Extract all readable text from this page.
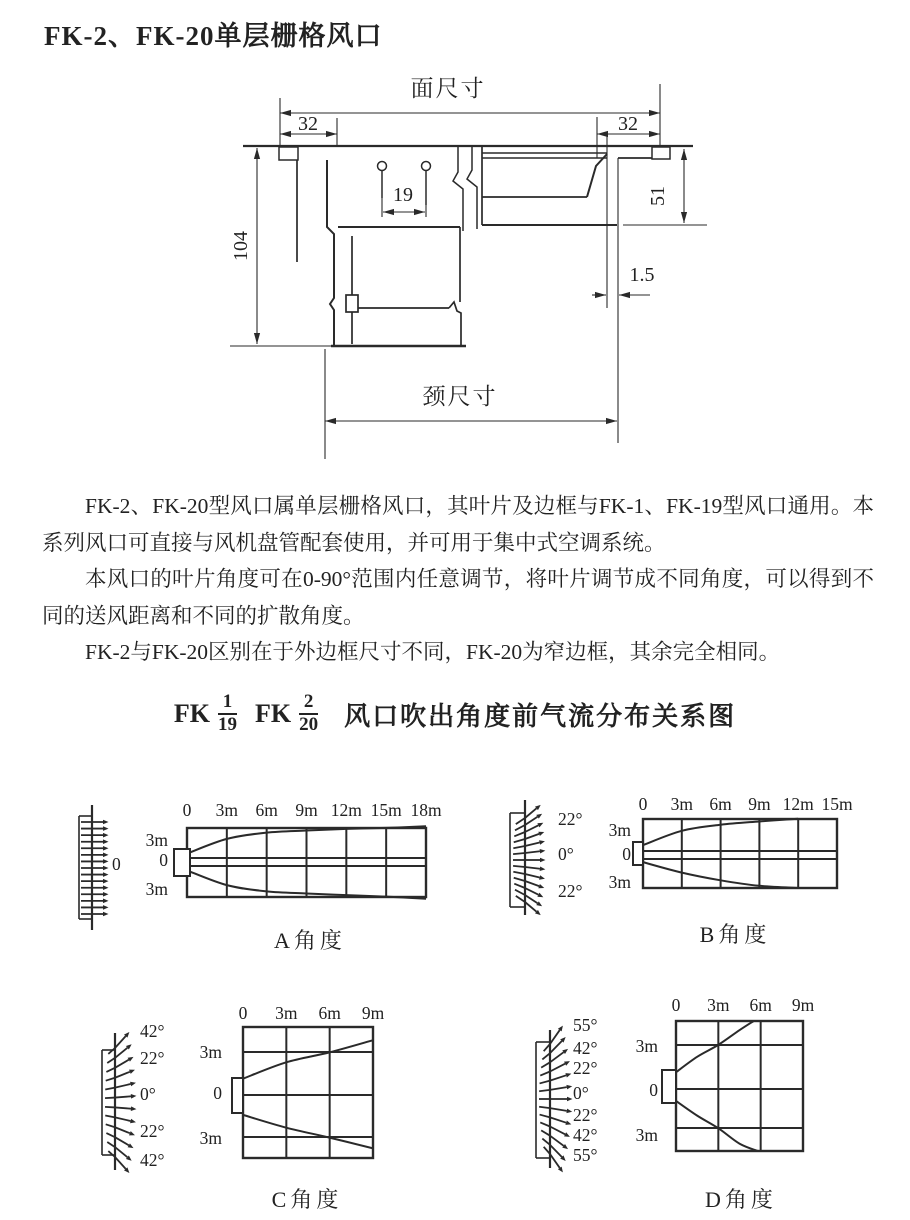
FK-2、FK-20单层栅格风口
面尺寸
颈尺寸
32	32
19	51
104
1.5
0 3m 6m 9m 12m 15m 18m
3m
0
3m
0
A角度
0 3m 6m 9m 12m 15m
3m
0
3m
22°
0°
22°
B角度
0 3m 6m 9m
3m
0
3m
42°
22°
0°
22°
42°
C角度
0 3m 6m 9m
3m
0
3m
55°
42°
22°
0°
22°
42°
55°
D角度

FK-2、FK-20型风口属单层栅格风口，其叶片及边框与FK-1、FK-19型风口通用。本系列风口可直接与风机盘管配套使用，并可用于集中式空调系统。

本风口的叶片角度可在0-90°范围内任意调节，将叶片调节成不同角度，可以得到不同的送风距离和不同的扩散角度。

FK-2与FK-20区别在于外边框尺寸不同，FK-20为窄边框，其余完全相同。

FK $\frac{1}{19}$ FK $\frac{2}{20}$ 风口吹出角度前气流分布关系图
